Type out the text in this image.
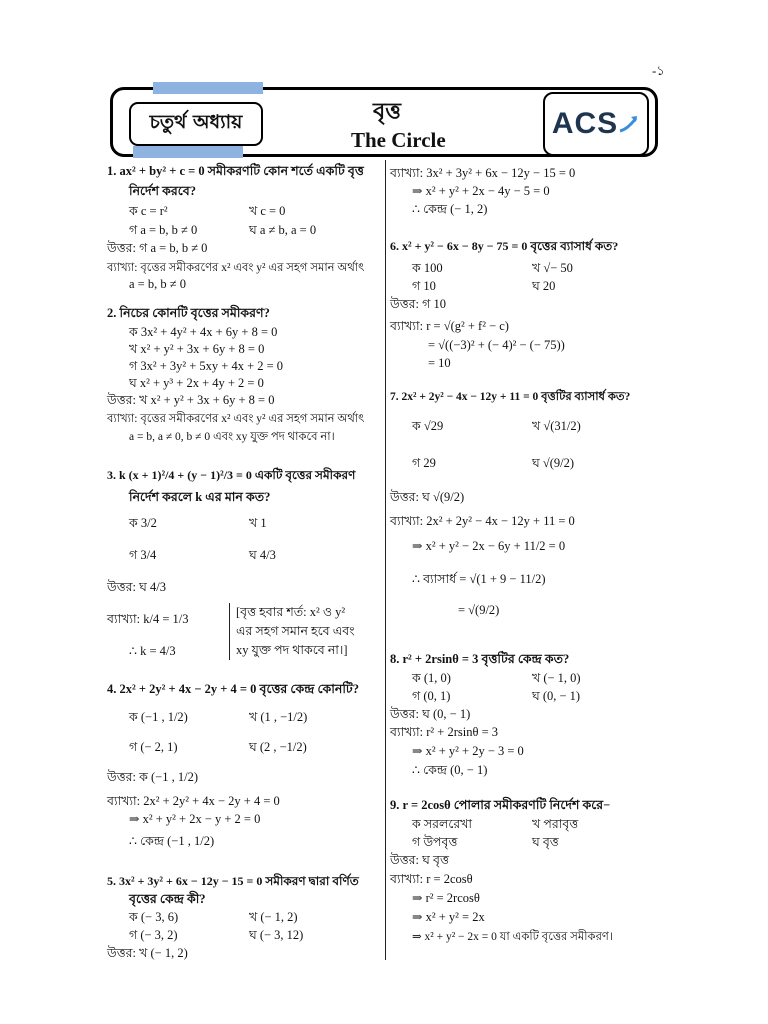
-১
চতুর্থ অধ্যায়	বৃত্ত
The Circle	ACS
1. ax² + by² + c = 0 সমীকরণটি কোন শর্তে একটি বৃত্ত
নির্দেশ করবে?
ক c = r²	খ c = 0
গ a = b, b ≠ 0	ঘ a ≠ b, a = 0
উত্তর: গ a = b, b ≠ 0
ব্যাখ্যা: বৃত্তের সমীকরণের x² এবং y² এর সহগ সমান অর্থাৎ
a = b, b ≠ 0
2. নিচের কোনটি বৃত্তের সমীকরণ?
ক 3x² + 4y² + 4x + 6y + 8 = 0
খ x² + y² + 3x + 6y + 8 = 0
গ 3x² + 3y² + 5xy + 4x + 2 = 0
ঘ x² + y³ + 2x + 4y + 2 = 0
উত্তর: খ x² + y² + 3x + 6y + 8 = 0
ব্যাখ্যা: বৃত্তের সমীকরণের x² এবং y² এর সহগ সমান অর্থাৎ
a = b, a ≠ 0, b ≠ 0 এবং xy যুক্ত পদ থাকবে না।
3. k (x + 1)²/4 + (y − 1)²/3 = 0 একটি বৃত্তের সমীকরণ
নির্দেশ করলে k এর মান কত?
ক 3/2	খ 1
গ 3/4	ঘ 4/3
উত্তর: ঘ 4/3
ব্যাখ্যা: k/4 = 1/3
∴ k = 4/3
[বৃত্ত হবার শর্ত: x² ও y²
এর সহগ সমান হবে এবং
xy যুক্ত পদ থাকবে না।]
4. 2x² + 2y² + 4x − 2y + 4 = 0 বৃত্তের কেন্দ্র কোনটি?
ক (−1 , 1/2)	খ (1 , −1/2)
গ (− 2, 1)	ঘ (2 , −1/2)
উত্তর: ক (−1 , 1/2)
ব্যাখ্যা: 2x² + 2y² + 4x − 2y + 4 = 0
⇒ x² + y² + 2x − y + 2 = 0
∴ কেন্দ্র (−1 , 1/2)
5. 3x² + 3y² + 6x − 12y − 15 = 0 সমীকরণ দ্বারা বর্ণিত
বৃত্তের কেন্দ্র কী?
ক (− 3, 6)	খ (− 1, 2)
গ (− 3, 2)	ঘ (− 3, 12)
উত্তর: খ (− 1, 2)
ব্যাখ্যা: 3x² + 3y² + 6x − 12y − 15 = 0
⇒ x² + y² + 2x − 4y − 5 = 0
∴ কেন্দ্র (− 1, 2)
6. x² + y² − 6x − 8y − 75 = 0 বৃত্তের ব্যাসার্ধ কত?
ক 100	খ √− 50
গ 10	ঘ 20
উত্তর: গ 10
ব্যাখ্যা: r = √(g² + f² − c)
= √((−3)² + (− 4)² − (− 75))
= 10
7. 2x² + 2y² − 4x − 12y + 11 = 0 বৃত্তটির ব্যাসার্ধ কত?
ক √29	খ √(31/2)
গ 29	ঘ √(9/2)
উত্তর: ঘ √(9/2)
ব্যাখ্যা: 2x² + 2y² − 4x − 12y + 11 = 0
⇒ x² + y² − 2x − 6y + 11/2 = 0
∴ ব্যাসার্ধ = √(1 + 9 − 11/2)
= √(9/2)
8. r² + 2rsinθ = 3 বৃত্তটির কেন্দ্র কত?
ক (1, 0)	খ (− 1, 0)
গ (0, 1)	ঘ (0, − 1)
উত্তর: ঘ (0, − 1)
ব্যাখ্যা: r² + 2rsinθ = 3
⇒ x² + y² + 2y − 3 = 0
∴ কেন্দ্র (0, − 1)
9. r = 2cosθ পোলার সমীকরণটি নির্দেশ করে−
ক সরলরেখা	খ পরাবৃত্ত
গ উপবৃত্ত	ঘ বৃত্ত
উত্তর: ঘ বৃত্ত
ব্যাখ্যা: r = 2cosθ
⇒ r² = 2rcosθ
⇒ x² + y² = 2x
⇒ x² + y² − 2x = 0 যা একটি বৃত্তের সমীকরণ।
